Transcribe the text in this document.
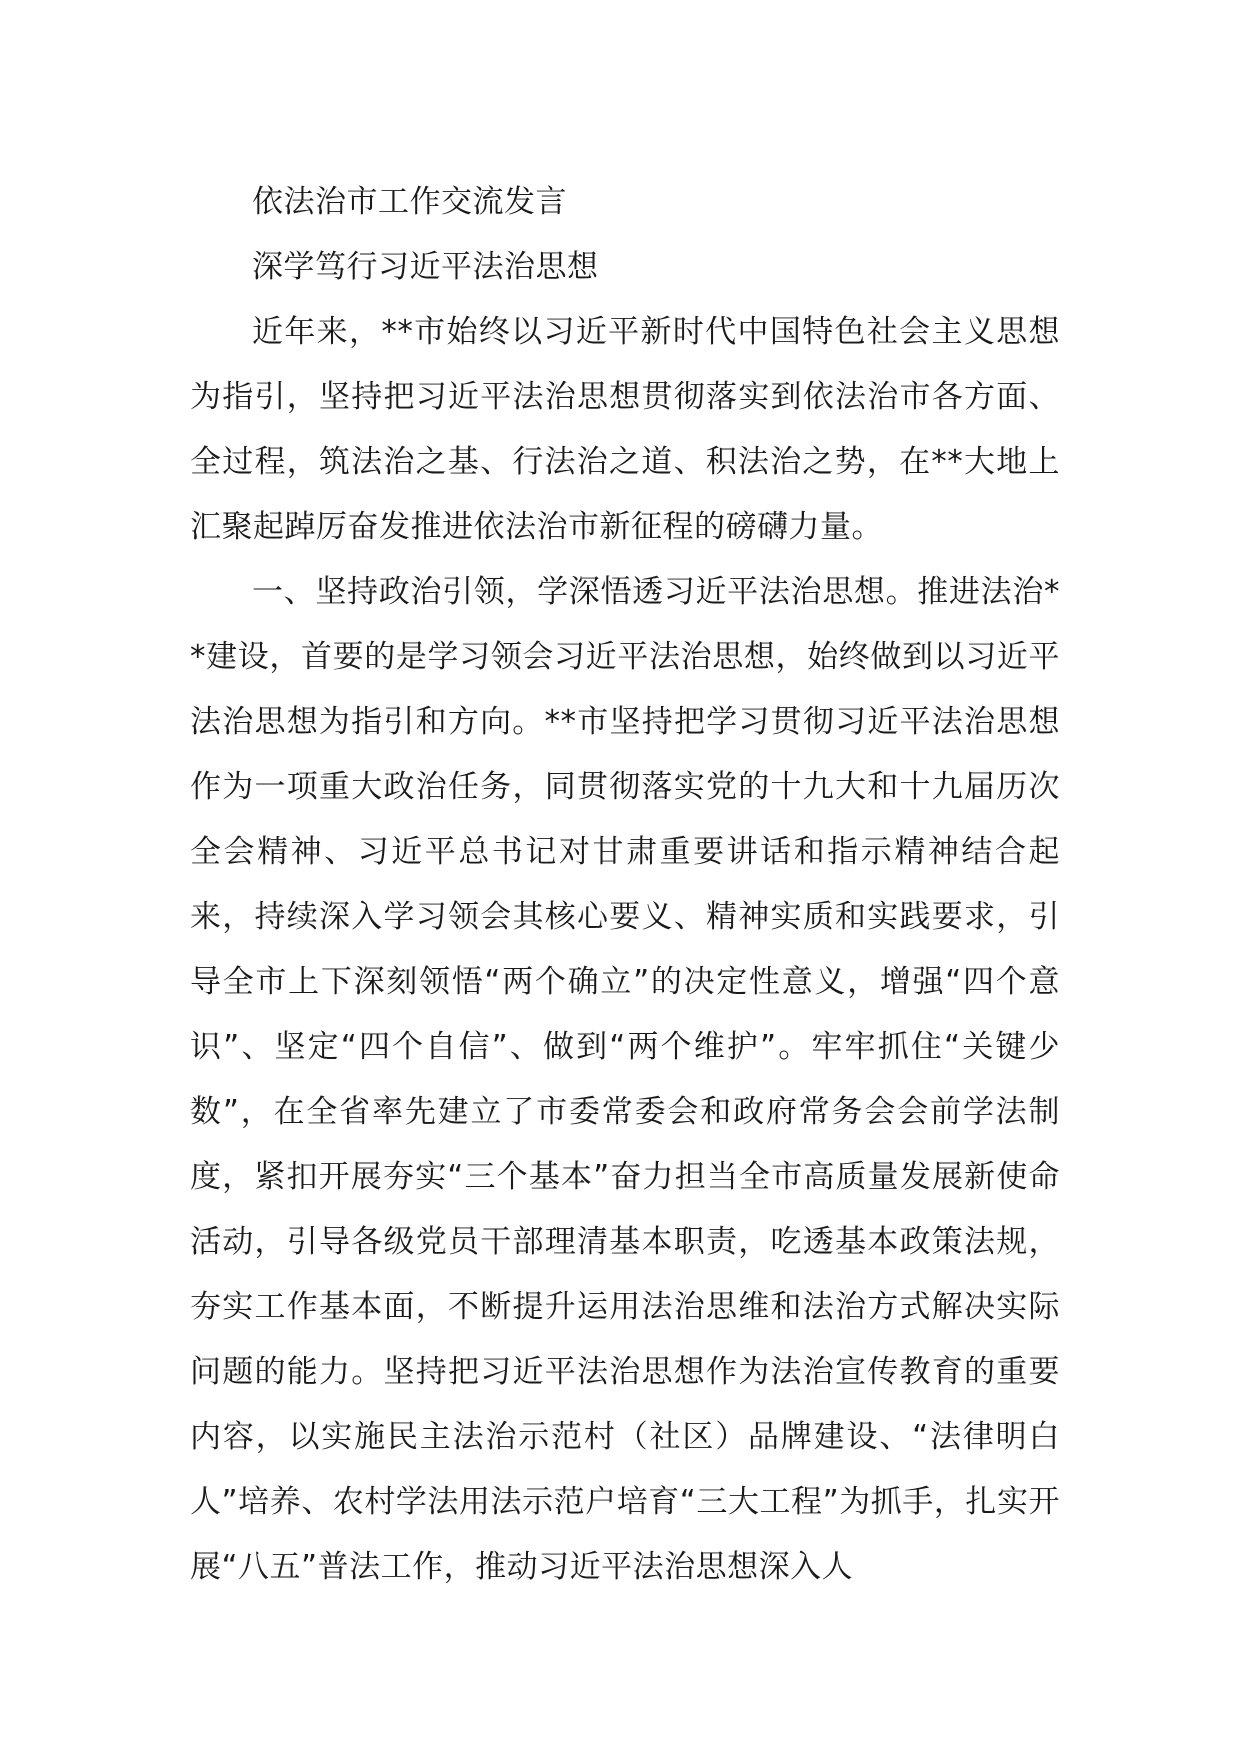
依法治市工作交流发言

深学笃行习近平法治思想

近年来，**市始终以习近平新时代中国特色社会主义思想为指引，坚持把习近平法治思想贯彻落实到依法治市各方面、全过程，筑法治之基、行法治之道、积法治之势，在**大地上汇聚起踔厉奋发推进依法治市新征程的磅礴力量。

一、坚持政治引领，学深悟透习近平法治思想。推进法治**建设，首要的是学习领会习近平法治思想，始终做到以习近平法治思想为指引和方向。**市坚持把学习贯彻习近平法治思想作为一项重大政治任务，同贯彻落实党的十九大和十九届历次全会精神、习近平总书记对甘肃重要讲话和指示精神结合起来，持续深入学习领会其核心要义、精神实质和实践要求，引导全市上下深刻领悟“两个确立”的决定性意义，增强“四个意识”、坚定“四个自信”、做到“两个维护”。牢牢抓住“关键少数”，在全省率先建立了市委常委会和政府常务会会前学法制度，紧扣开展夯实“三个基本”奋力担当全市高质量发展新使命活动，引导各级党员干部理清基本职责，吃透基本政策法规，夯实工作基本面，不断提升运用法治思维和法治方式解决实际问题的能力。坚持把习近平法治思想作为法治宣传教育的重要内容，以实施民主法治示范村（社区）品牌建设、“法律明白人”培养、农村学法用法示范户培育“三大工程”为抓手，扎实开展“八五”普法工作，推动习近平法治思想深入人
